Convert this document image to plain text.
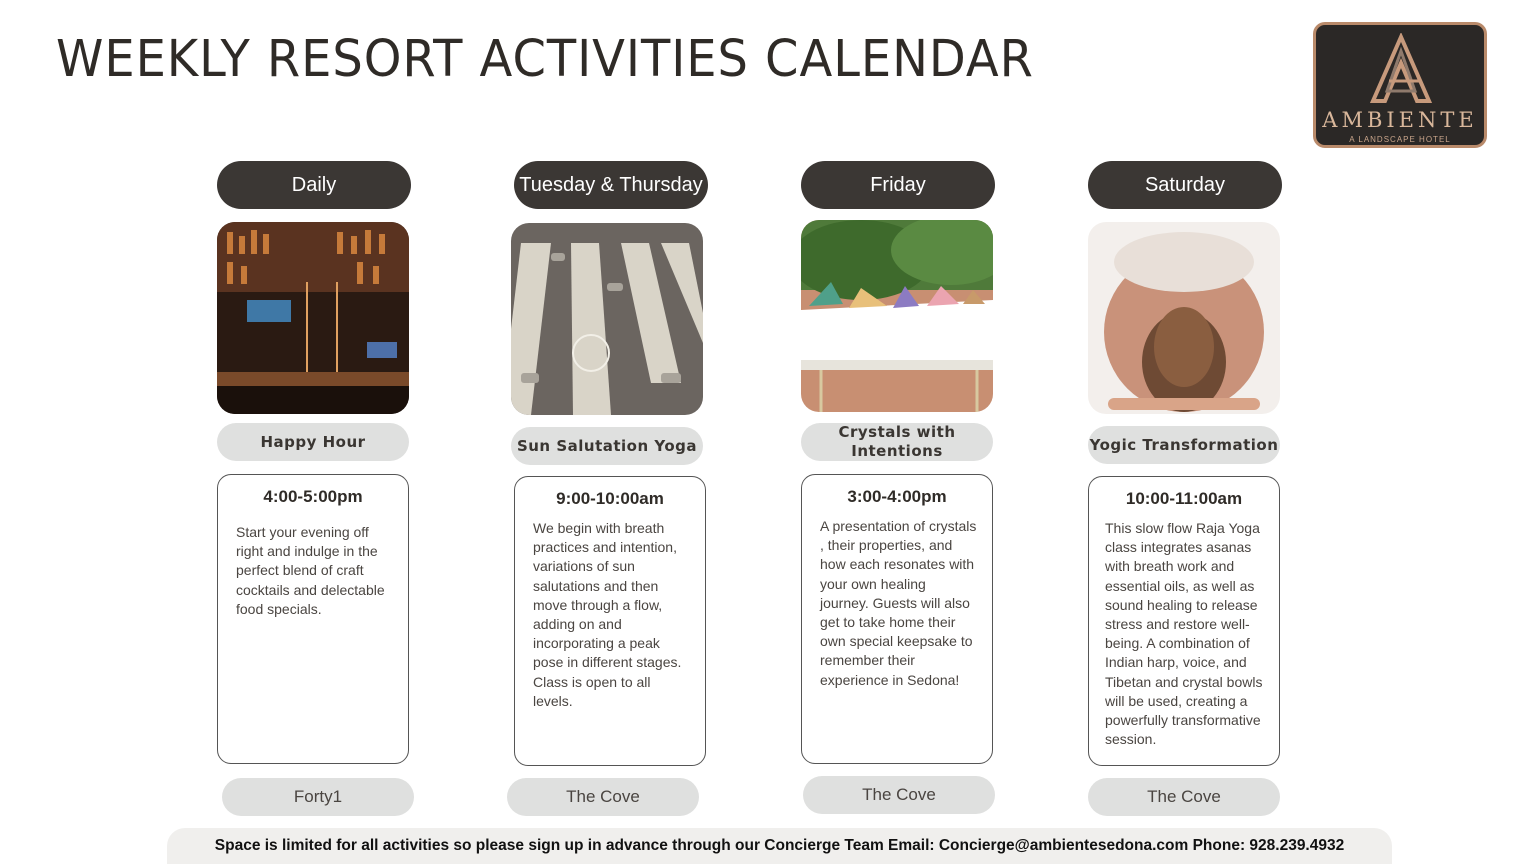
WEEKLY RESORT ACTIVITIES CALENDAR
AMBIENTE
A LANDSCAPE HOTEL
Daily
Happy Hour
4:00-5:00pm
Start your evening off right and indulge in the perfect blend of craft cocktails and delectable food specials.
Forty1
Tuesday & Thursday
Sun Salutation Yoga
9:00-10:00am
We begin with breath practices and intention, variations of sun salutations and then move through a flow, adding on and incorporating a peak pose in different stages. Class is open to all levels.
The Cove
Friday
Crystals with Intentions
3:00-4:00pm
A presentation of crystals , their properties, and how each resonates with your own healing journey. Guests will also get to take home their own special keepsake to remember their experience in Sedona!
The Cove
Saturday
Yogic Transformation
10:00-11:00am
This slow flow Raja Yoga class integrates asanas with breath work and essential oils, as well as sound healing to release stress and restore well-being. A combination of Indian harp, voice, and Tibetan and crystal bowls will be used, creating a powerfully transformative session.
The Cove
Space is limited for all activities so please sign up in advance through our Concierge Team Email: Concierge@ambientesedona.com Phone: 928.239.4932
